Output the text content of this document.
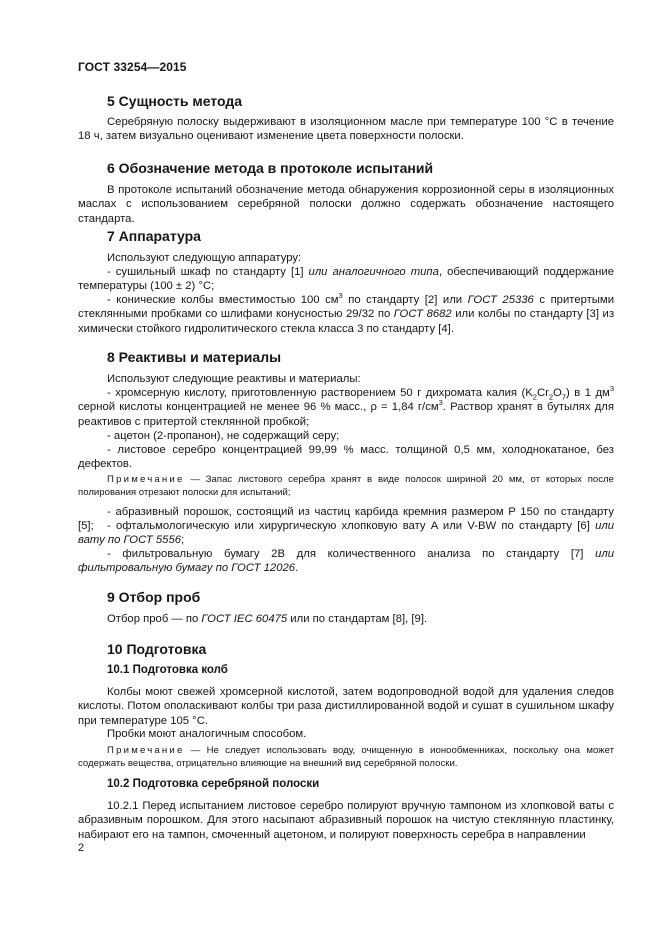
ГОСТ 33254—2015
5 Сущность метода
Серебряную полоску выдерживают в изоляционном масле при температуре 100 °C в течение 18 ч, затем визуально оценивают изменение цвета поверхности полоски.
6 Обозначение метода в протоколе испытаний
В протоколе испытаний обозначение метода обнаружения коррозионной серы в изоляционных маслах с использованием серебряной полоски должно содержать обозначение настоящего стандарта.
7 Аппаратура
Используют следующую аппаратуру:
- сушильный шкаф по стандарту [1] или аналогичного типа, обеспечивающий поддержание температуры (100 ± 2) °C;
- конические колбы вместимостью 100 $см^3$ по стандарту [2] или ГОСТ 25336 с притертыми стеклянными пробками со шлифами конусностью 29/32 по ГОСТ 8682 или колбы по стандарту [3] из химически стойкого гидролитического стекла класса 3 по стандарту [4].
8 Реактивы и материалы
Используют следующие реактивы и материалы:
- хромсерную кислоту, приготовленную растворением 50 г дихромата калия $(K_2Cr_2O_7)$ в 1 $дм^3$ серной кислоты концентрацией не менее 96 % масс., ρ = 1,84 $г/см^3$. Раствор хранят в бутылях для реактивов с притертой стеклянной пробкой;
- ацетон (2-пропанон), не содержащий серу;
- листовое серебро концентрацией 99,99 % масс. толщиной 0,5 мм, холоднокатаное, без дефектов.
Примечание — Запас листового серебра хранят в виде полосок шириной 20 мм, от которых после полирования отрезают полоски для испытаний;
- абразивный порошок, состоящий из частиц карбида кремния размером P 150 по стандарту [5];	- офтальмологическую или хирургическую хлопковую вату A или V-BW по стандарту [6] или вату по ГОСТ 5556;
- фильтровальную бумагу 2B для количественного анализа по стандарту [7] или фильтровальную бумагу по ГОСТ 12026.
9 Отбор проб
Отбор проб — по ГОСТ IEC 60475 или по стандартам [8], [9].
10 Подготовка
10.1 Подготовка колб
Колбы моют свежей хромсерной кислотой, затем водопроводной водой для удаления следов кислоты. Потом ополаскивают колбы три раза дистиллированной водой и сушат в сушильном шкафу при температуре 105 °C.
Пробки моют аналогичным способом.
Примечание — Не следует использовать воду, очищенную в ионообменниках, поскольку она может содержать вещества, отрицательно влияющие на внешний вид серебряной полоски.
10.2 Подготовка серебряной полоски
10.2.1 Перед испытанием листовое серебро полируют вручную тампоном из хлопковой ваты с абразивным порошком. Для этого насыпают абразивный порошок на чистую стеклянную пластинку, набирают его на тампон, смоченный ацетоном, и полируют поверхность серебра в направлении
2
